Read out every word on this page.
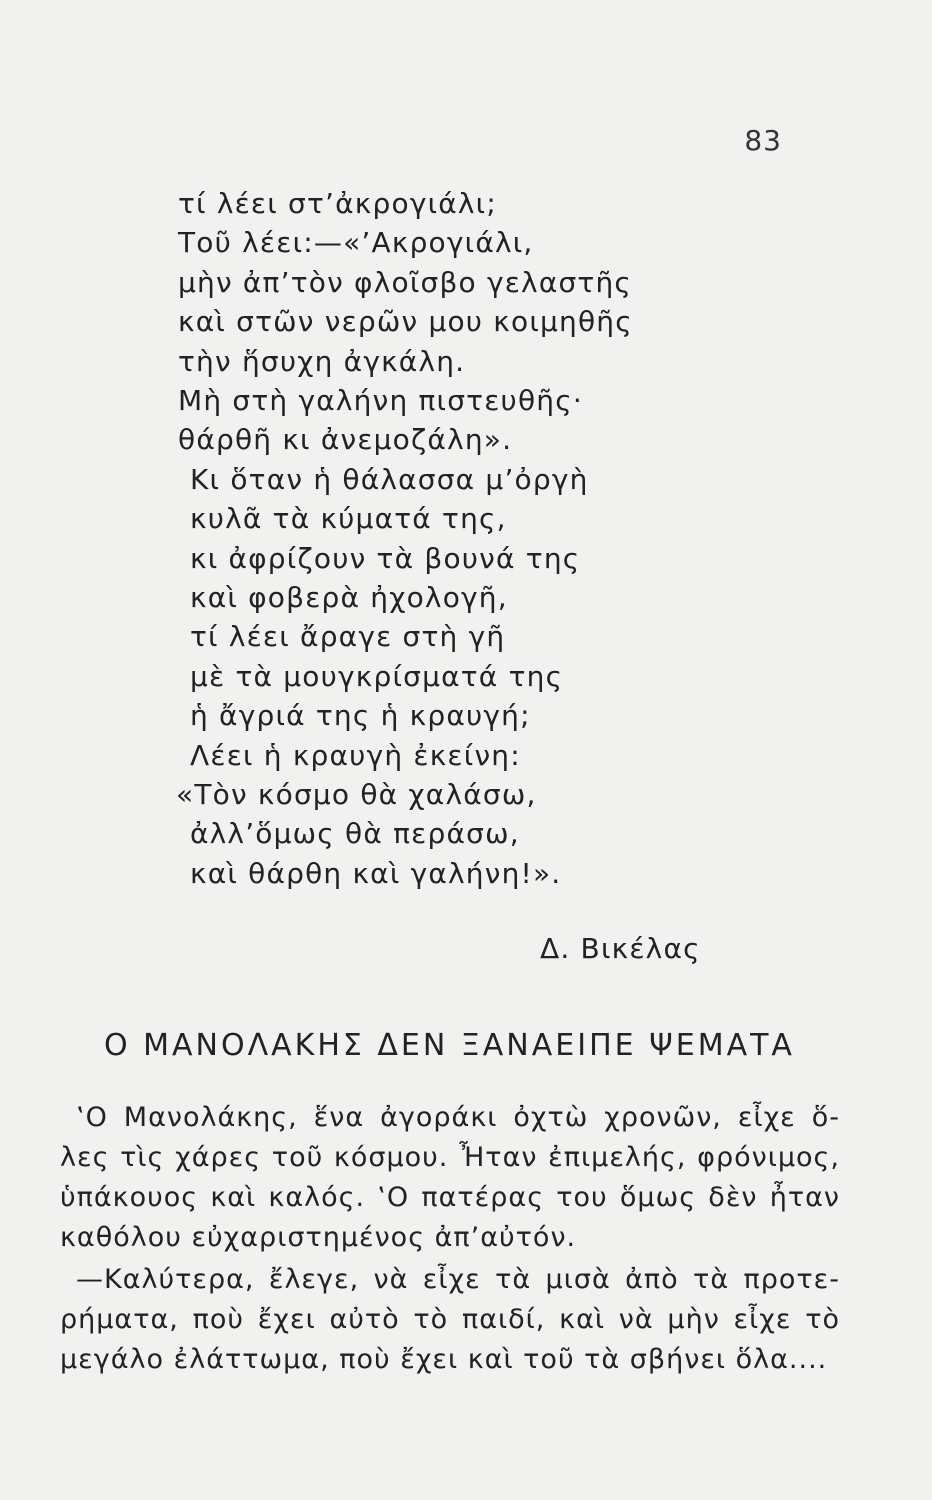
83
τί λέει στ’ἀκρογιάλι;
Τοῦ λέει:—«’Ακρογιάλι,
μὴν ἀπ’τὸν φλοῖσβο γελαστῆς
καὶ στῶν νερῶν μου κοιμηθῆς
τὴν ἥσυχη ἀγκάλη.
Μὴ στὴ γαλήνη πιστευθῆς·
θάρθῆ κι ἀνεμοζάλη».
Κι ὅταν ἡ θάλασσα μ’ὀργὴ
κυλᾶ τὰ κύματά της,
κι ἀφρίζουν τὰ βουνά της
καὶ φοβερὰ ἠχολογῆ,
τί λέει ἄραγε στὴ γῆ
μὲ τὰ μουγκρίσματά της
ἡ ἄγριά της ἡ κραυγή;
Λέει ἡ κραυγὴ ἐκείνη:
«Τὸν κόσμο θὰ χαλάσω,
ἀλλ’ὅμως θὰ περάσω,
καὶ θάρθη καὶ γαλήνη!».
Δ. Βικέλας
Ο ΜΑΝΟΛΑΚΗΣ ΔΕΝ ΞΑΝΑΕΙΠΕ ΨΕΜΑΤΑ
‛Ο Μανολάκης, ἕνα ἀγοράκι ὀχτὼ χρονῶν, εἶχε ὅ-
λες τὶς χάρες τοῦ κόσμου. Ἦταν ἐπιμελής, φρόνιμος,
ὑπάκουος καὶ καλός. ‛Ο πατέρας του ὅμως δὲν ἦταν
καθόλου εὐχαριστημένος ἀπ’αὐτόν.
—Καλύτερα, ἔλεγε, νὰ εἶχε τὰ μισὰ ἀπὸ τὰ προτε-
ρήματα, ποὺ ἔχει αὐτὸ τὸ παιδί, καὶ νὰ μὴν εἶχε τὸ
μεγάλο ἐλάττωμα, ποὺ ἔχει καὶ τοῦ τὰ σβήνει ὅλα....
